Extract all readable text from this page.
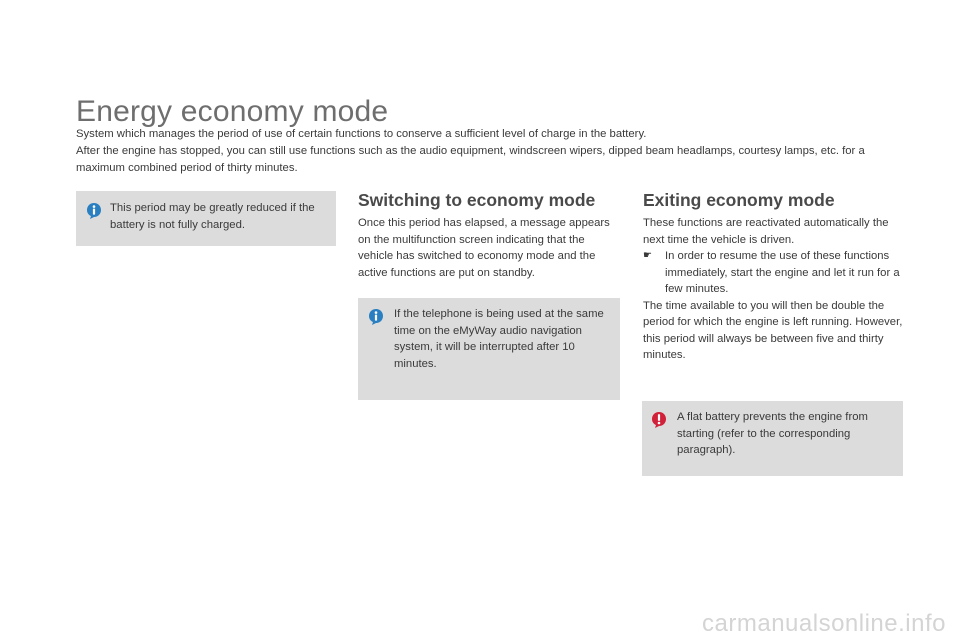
Energy economy mode

System which manages the period of use of certain functions to conserve a sufficient level of charge in the battery.

After the engine has stopped, you can still use functions such as the audio equipment, windscreen wipers, dipped beam headlamps, courtesy lamps, etc. for a maximum combined period of thirty minutes.

This period may be greatly reduced if the battery is not fully charged.
Switching to economy mode

Once this period has elapsed, a message appears on the multifunction screen indicating that the vehicle has switched to economy mode and the active functions are put on standby.

If the telephone is being used at the same time on the eMyWay audio navigation system, it will be interrupted after 10 minutes.
Exiting economy mode

These functions are reactivated automatically the next time the vehicle is driven.

☛	In order to resume the use of these functions immediately, start the engine and let it run for a few minutes.

The time available to you will then be double the period for which the engine is left running. However, this period will always be between five and thirty minutes.

A flat battery prevents the engine from starting (refer to the corresponding paragraph).
carmanualsonline.info
